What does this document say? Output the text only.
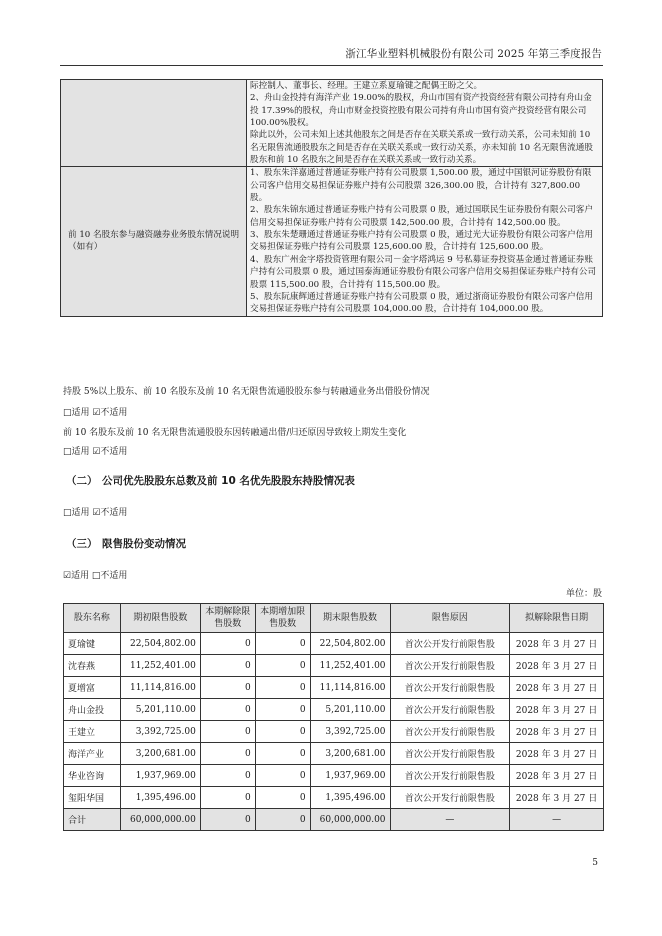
浙江华业塑料机械股份有限公司 2025 年第三季度报告

	际控制人、董事长、经理。王建立系夏瑜键之配偶王盼之父。
2、舟山金投持有海洋产业 19.00%的股权，舟山市国有资产投资经营有限公司持有舟山金投 17.39%的股权，舟山市财金投资控股有限公司持有舟山市国有资产投资经营有限公司 100.00%股权。
除此以外，公司未知上述其他股东之间是否存在关联关系或一致行动关系，公司未知前 10 名无限售流通股股东之间是否存在关联关系或一致行动关系，亦未知前 10 名无限售流通股股东和前 10 名股东之间是否存在关联关系或一致行动关系。

前 10 名股东参与融资融券业务股东情况说明（如有）	1、股东朱洋嘉通过普通证券账户持有公司股票 1,500.00 股，通过中国银河证券股份有限公司客户信用交易担保证券账户持有公司股票 326,300.00 股，合计持有 327,800.00 股。
2、股东朱锦东通过普通证券账户持有公司股票 0 股，通过国联民生证券股份有限公司客户信用交易担保证券账户持有公司股票 142,500.00 股，合计持有 142,500.00 股。
3、股东朱楚珊通过普通证券账户持有公司股票 0 股，通过光大证券股份有限公司客户信用交易担保证券账户持有公司股票 125,600.00 股，合计持有 125,600.00 股。
4、股东广州金字塔投资管理有限公司－金字塔鸿运 9 号私募证券投资基金通过普通证券账户持有公司股票 0 股，通过国泰海通证券股份有限公司客户信用交易担保证券账户持有公司股票 115,500.00 股，合计持有 115,500.00 股。
5、股东阮康辉通过普通证券账户持有公司股票 0 股，通过浙商证券股份有限公司客户信用交易担保证券账户持有公司股票 104,000.00 股，合计持有 104,000.00 股。
持股 5%以上股东、前 10 名股东及前 10 名无限售流通股股东参与转融通业务出借股份情况
□适用 ☑不适用
前 10 名股东及前 10 名无限售流通股股东因转融通出借/归还原因导致较上期发生变化
□适用 ☑不适用
（二） 公司优先股股东总数及前 10 名优先股股东持股情况表
□适用 ☑不适用
（三） 限售股份变动情况
☑适用 □不适用
单位：股
股东名称	期初限售股数	本期解除限售股数	本期增加限售股数	期末限售股数	限售原因	拟解除限售日期
夏瑜键	22,504,802.00	0	0	22,504,802.00	首次公开发行前限售股	2028 年 3 月 27 日
沈春燕	11,252,401.00	0	0	11,252,401.00	首次公开发行前限售股	2028 年 3 月 27 日
夏增富	11,114,816.00	0	0	11,114,816.00	首次公开发行前限售股	2028 年 3 月 27 日
舟山金投	5,201,110.00	0	0	5,201,110.00	首次公开发行前限售股	2028 年 3 月 27 日
王建立	3,392,725.00	0	0	3,392,725.00	首次公开发行前限售股	2028 年 3 月 27 日
海洋产业	3,200,681.00	0	0	3,200,681.00	首次公开发行前限售股	2028 年 3 月 27 日
华业咨询	1,937,969.00	0	0	1,937,969.00	首次公开发行前限售股	2028 年 3 月 27 日
玺阳华国	1,395,496.00	0	0	1,395,496.00	首次公开发行前限售股	2028 年 3 月 27 日
合计	60,000,000.00	0	0	60,000,000.00	—	—
5
